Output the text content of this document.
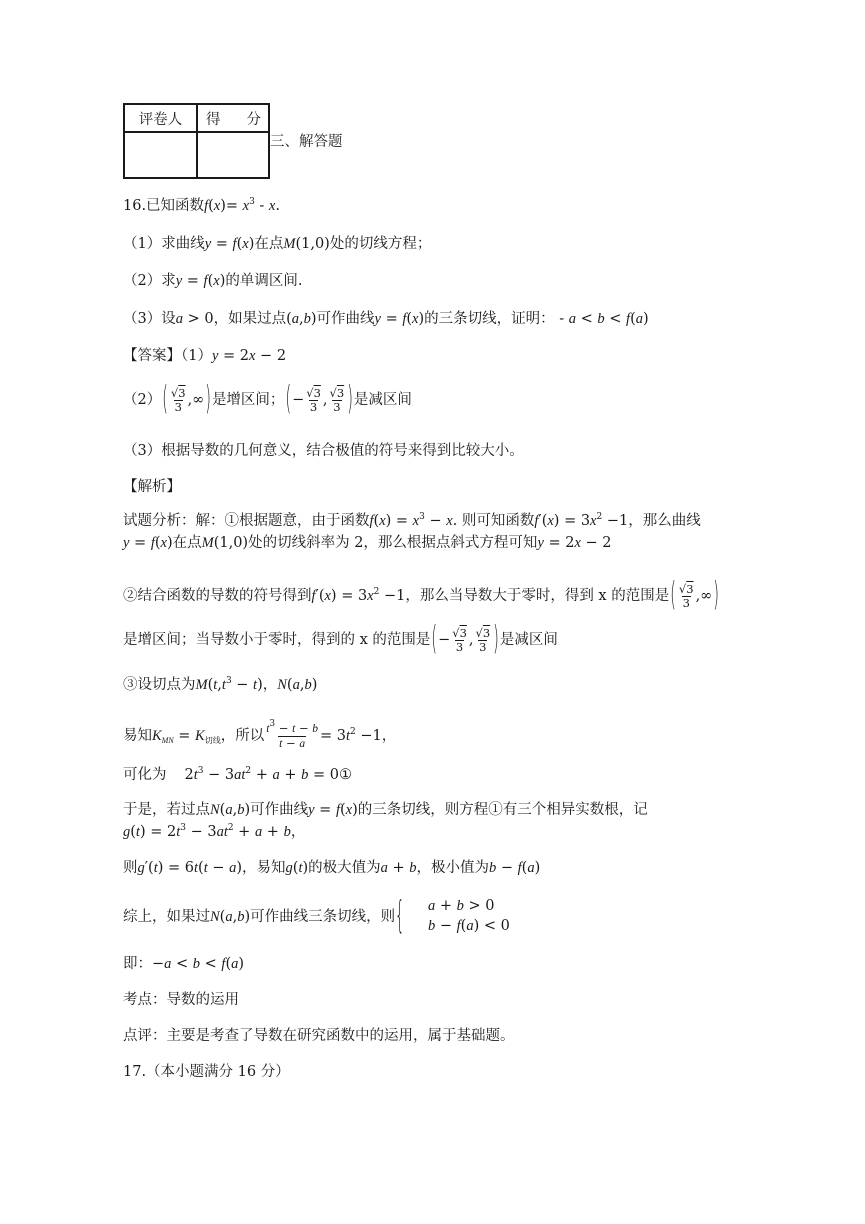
评卷人	得 分

三、解答题
16.已知函数$f(x)= x^3 - x$.
（1）求曲线y = f(x)在点M(1,0)处的切线方程；
（2）求y = f(x)的单调区间.
（3）设a > 0，如果过点(a,b)可作曲线y = f(x)的三条切线，证明： - a < b < f(a)
【答案】（1）y = 2x − 2
$(2)( \frac{√3}{3}$ ,∞)是增区间；(− $\frac{√3}{3}$ , $\frac{√3}{3}$ )是减区间
（3）根据导数的几何意义，结合极值的符号来得到比较大小。
【解析】
试题分析：解：①根据题意，由于函数$f(x) = x^3 - x$. 则可知函数$f'(x) = 3x^2 -1$，那么曲线
y = f(x)在点M(1,0)处的切线斜率为 2，那么根据点斜式方程可知y = 2x − 2
②结合函数的导数的符号得到$f'(x) = 3x^2 -1$，那么当导数大于零时，得到 x 的范围是( $\frac{√3}{3}$ ,∞)
是增区间；当导数小于零时，得到的 x 的范围是(− $\frac{√3}{3}$ , $\frac{√3}{3}$ )是减区间
③设切点为$M(t,t^3 - t)$，N(a,b)
易知$K_{MN} = K_{切线}$，所以 $\frac{t^3 - t - b}{t - a} = 3t^2 -1$，
可化为 $2t^3 - 3at^2 + a + b$ = 0①
于是，若过点N(a,b)可作曲线y = f(x)的三条切线，则方程①有三个相异实数根，记
$g(t) = 2t^3 - 3at^2 + a + b$，
则g′(t) = 6t(t − a)，易知g(t)的极大值为a + b，极小值为b − f(a)
综上，如果过N(a,b)可作曲线三条切线，则{ a + b > 0
b − f(a) < 0
即：−a < b < f(a)
考点：导数的运用
点评：主要是考查了导数在研究函数中的运用，属于基础题。
17.（本小题满分 16 分）
